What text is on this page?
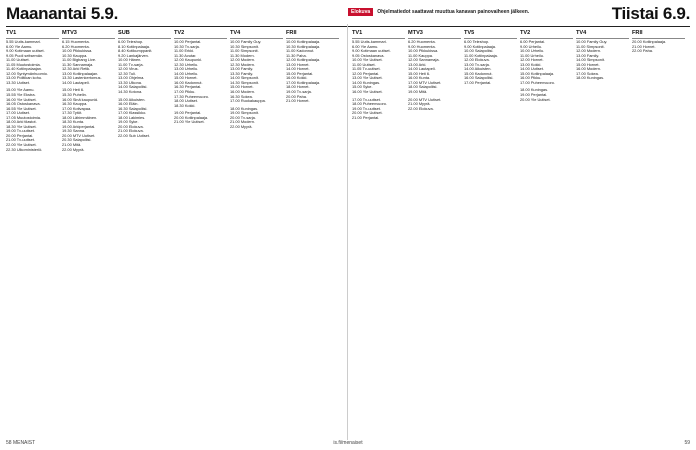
Maanantai 5.9.	Tiistai 6.9.
Elokuva	Ohjelmatiedot saattavat muuttua kanavan painovaiheen jälkeen.
TV1
5.55 Uutis-kammari.
6.00 Yle Aamu.
9.00 Kotimaan uutiset.
9.05 Puoli seitsemän.
11.00 Uutiset.
11.05 Muutostoimia.
11.40 Kotiinpalaajan.
12.00 Syntymänhuomio.
13.00 Politikan kohu.
13.30 Uutiset.
15.00 Yle Aamu.
15.55 Yle Ekstra.
16.00 Yle Uutiset.
16.05 Ostoskanava.
16.55 Yle Uutiset.
17.00 Uutiset.
17.05 Muutostoimia.
18.00 Arki tilastot.
18.30 Yle Uutiset.
19.00 Tv-uutiset.
20.00 Perjantai.
21.00 Tv-uutiset.
22.00 Yle Uutiset.
22.30 Ulkoministeriö.
MTV3
6.15 Huomenta.
6.20 Huomenta.
10.00 Pikkukissa.
10.30 Kauppa.
11.00 Bigbang Live.
11.30 Sannamaja.
12.30 Arki Retik.
13.00 Kotiinpalaajan.
13.30 Lastenkertomus.
14.00 Lautapeli.
15.00 Heti 6.
15.30 Puhelin.
16.00 Sinä kaupunki.
16.30 Kauppa.
17.00 Kotivapaa.
17.30 Tytöt.
18.00 Lähimmäinen.
18.30 Kunta.
19.00 Arkiperjantai.
19.30 Sanna.
20.00 MTV Uutiset.
20.30 Salapoliisi.
21.00 Mitä.
22.00 Myyrä.
SUB
6.00 Teleshop.
8.10 Kotiinpalaaja.
8.40 Kotikumppanit.
9.20 Lankajärven.
10.00 Hänen.
11.00 Tv-sarja.
12.00 Virus.
12.30 Tuli.
13.00 Ohjelma.
13.30 Ulkona.
14.00 Salapoliisi.
14.30 Kotona.
15.00 Aikuisten.
16.00 Eläin.
16.30 Salapoliisi.
17.00 Klassikko.
18.00 Lakimies.
19.00 Syke.
20.00 Elokuva.
21.00 Elokuva.
22.00 Sub Uutiset.
TV2
10.00 Perjantai.
10.30 Tv-sarja.
11.00 Erkki.
11.30 Avutar.
12.00 Kaupunki.
12.30 Urheilu.
13.00 Urheilu.
14.00 Urheilu.
15.00 Hornet.
16.00 Kadonnut.
16.30 Perjantai.
17.00 Pikku.
17.30 Puheenvuoro.
18.00 Uutiset.
18.30 Kokki.
19.00 Perjantai.
20.00 Kotiinpalaaja.
21.00 Yle Uutiset.
TV4
10.00 Family Guy.
10.30 Simpsonit.
11.00 Simpsonit.
11.30 Modern.
12.00 Modern.
12.30 Modern.
13.00 Family.
13.30 Family.
14.00 Simpsonit.
14.30 Simpsonit.
15.00 Hornet.
16.00 Modern.
16.30 Sokea.
17.00 Ruokakauppa.
18.00 Kuningas.
19.00 Simpsonit.
20.00 Tv-sarja.
21.00 Modern.
22.00 Myyrä.
FRII
10.00 Kotiinpalaaja.
10.30 Kotiinpalaaja.
11.00 Kadonnut.
11.30 Paha.
12.00 Kotiinpalaaja.
13.00 Hornet.
14.00 Hornet.
15.00 Perjantai.
16.00 Kokki.
17.00 Kotiinpalaaja.
18.00 Hornet.
19.00 Tv-sarja.
20.00 Paha.
21.00 Hornet.
TV1
5.55 Uutis-kammari.
6.00 Yle Aamu.
9.00 Kotimaan uutiset.
9.05 Ostoskanava.
10.00 Yle Uutiset.
11.00 Uutiset.
11.05 Tv-uutiset.
12.00 Perjantai.
13.00 Yle Uutiset.
14.00 Kuningas.
15.00 Syke.
16.00 Yle Uutiset.
17.00 Tv-uutiset.
18.00 Puheenvuoro.
19.00 Tv-uutiset.
20.00 Yle Uutiset.
21.00 Perjantai.
MTV3
6.20 Huomenta.
9.00 Huomenta.
10.00 Pikkukissa.
11.00 Kauppa.
12.00 Sannamaja.
13.00 Arki.
14.00 Lautapeli.
15.00 Heti 6.
16.00 Kunta.
17.00 MTV Uutiset.
18.00 Salapoliisi.
19.00 Mitä.
20.00 MTV Uutiset.
21.00 Myyrä.
22.00 Elokuva.
TV5
6.00 Teleshop.
9.00 Kotiinpalaaja.
10.00 Salapoliisi.
11.00 Kotiinpalaaja.
12.00 Elokuva.
13.00 Tv-sarja.
14.00 Aikuisten.
15.00 Kadonnut.
16.00 Salapoliisi.
17.00 Perjantai.
TV2
6.00 Perjantai.
9.00 Urheilu.
10.00 Urheilu.
11.00 Urheilu.
12.00 Hornet.
13.00 Kokki.
14.00 Uutiset.
15.00 Kotiinpalaaja.
16.00 Pikku.
17.00 Puheenvuoro.
18.00 Kuningas.
19.00 Perjantai.
20.00 Yle Uutiset.
TV4
10.00 Family Guy.
11.00 Simpsonit.
12.00 Modern.
13.00 Family.
14.00 Simpsonit.
15.00 Hornet.
16.00 Modern.
17.00 Sokea.
18.00 Kuningas.
FRII
20.00 Kotiinpalaaja.
21.00 Hornet.
22.00 Paha.
58 MENAIST	is.fi/menaiset	59
